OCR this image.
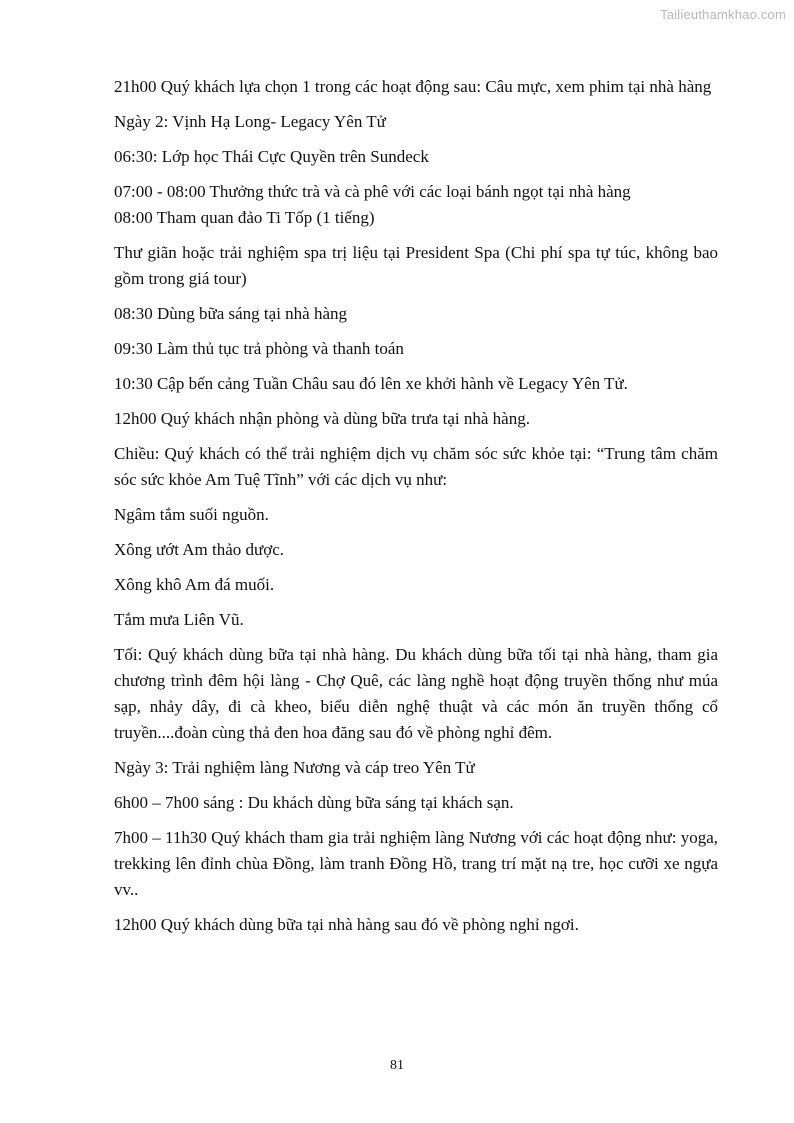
Tailieuthamkhao.com

21h00 Quý khách lựa chọn 1 trong các hoạt động sau: Câu mực, xem phim tại nhà hàng

Ngày 2: Vịnh Hạ Long- Legacy Yên Tử

06:30: Lớp học Thái Cực Quyền trên Sundeck

07:00 - 08:00 Thưởng thức trà và cà phê với các loại bánh ngọt tại nhà hàng

08:00 Tham quan đảo Ti Tốp (1 tiếng)

Thư giãn hoặc trải nghiệm spa trị liệu tại President Spa (Chi phí spa tự túc, không bao gồm trong giá tour)

08:30 Dùng bữa sáng tại nhà hàng

09:30 Làm thủ tục trả phòng và thanh toán

10:30 Cập bến cảng Tuần Châu sau đó lên xe khởi hành về Legacy Yên Tử.

12h00 Quý khách nhận phòng và dùng bữa trưa tại nhà hàng.

Chiều: Quý khách có thể trải nghiệm dịch vụ chăm sóc sức khỏe tại: “Trung tâm chăm sóc sức khỏe Am Tuệ Tĩnh” với các dịch vụ như:

Ngâm tắm suối nguồn.

Xông ướt Am thảo dược.

Xông khô Am đá muối.

Tắm mưa Liên Vũ.

Tối: Quý khách dùng bữa tại nhà hàng. Du khách dùng bữa tối tại nhà hàng, tham gia chương trình đêm hội làng - Chợ Quê, các làng nghề hoạt động truyền thống như múa sạp, nhảy dây, đi cà kheo, biểu diễn nghệ thuật và các món ăn truyền thống cổ truyền....đoàn cùng thả đen hoa đăng sau đó về phòng nghỉ đêm.

Ngày 3: Trải nghiệm làng Nương và cáp treo Yên Tử

6h00 – 7h00 sáng : Du khách dùng bữa sáng tại khách sạn.

7h00 – 11h30 Quý khách tham gia trải nghiệm làng Nương với các hoạt động như: yoga, trekking lên đỉnh chùa Đồng, làm tranh Đồng Hồ, trang trí mặt nạ tre, học cưỡi xe ngựa vv..

12h00 Quý khách dùng bữa tại nhà hàng sau đó về phòng nghỉ ngơi.

81
